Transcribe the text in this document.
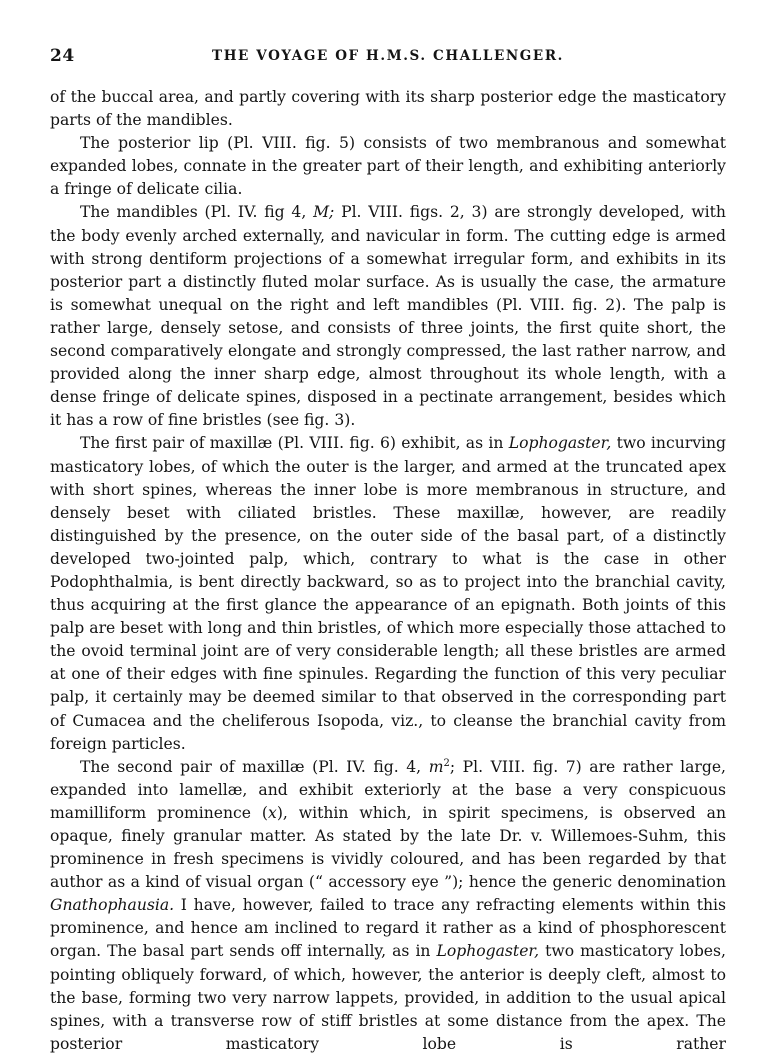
24	THE VOYAGE OF H.M.S. CHALLENGER.

of the buccal area, and partly covering with its sharp posterior edge the masticatory parts of the mandibles.

The posterior lip (Pl. VIII. fig. 5) consists of two membranous and somewhat expanded lobes, connate in the greater part of their length, and exhibiting anteriorly a fringe of delicate cilia.

The mandibles (Pl. IV. fig 4, M; Pl. VIII. figs. 2, 3) are strongly developed, with the body evenly arched externally, and navicular in form. The cutting edge is armed with strong dentiform projections of a somewhat irregular form, and exhibits in its posterior part a distinctly fluted molar surface. As is usually the case, the armature is somewhat unequal on the right and left mandibles (Pl. VIII. fig. 2). The palp is rather large, densely setose, and consists of three joints, the first quite short, the second comparatively elongate and strongly compressed, the last rather narrow, and provided along the inner sharp edge, almost throughout its whole length, with a dense fringe of delicate spines, disposed in a pectinate arrangement, besides which it has a row of fine bristles (see fig. 3).

The first pair of maxillæ (Pl. VIII. fig. 6) exhibit, as in Lophogaster, two incurving masticatory lobes, of which the outer is the larger, and armed at the truncated apex with short spines, whereas the inner lobe is more membranous in structure, and densely beset with ciliated bristles. These maxillæ, however, are readily distinguished by the presence, on the outer side of the basal part, of a distinctly developed two-jointed palp, which, contrary to what is the case in other Podophthalmia, is bent directly backward, so as to project into the branchial cavity, thus acquiring at the first glance the appearance of an epignath. Both joints of this palp are beset with long and thin bristles, of which more especially those attached to the ovoid terminal joint are of very considerable length; all these bristles are armed at one of their edges with fine spinules. Regarding the function of this very peculiar palp, it certainly may be deemed similar to that observed in the corresponding part of Cumacea and the cheliferous Isopoda, viz., to cleanse the branchial cavity from foreign particles.

The second pair of maxillæ (Pl. IV. fig. 4, $m^2$; Pl. VIII. fig. 7) are rather large, expanded into lamellæ, and exhibit exteriorly at the base a very conspicuous mamilliform prominence (x), within which, in spirit specimens, is observed an opaque, finely granular matter. As stated by the late Dr. v. Willemoes-Suhm, this prominence in fresh specimens is vividly coloured, and has been regarded by that author as a kind of visual organ (“ accessory eye ”); hence the generic denomination Gnathophausia. I have, however, failed to trace any refracting elements within this prominence, and hence am inclined to regard it rather as a kind of phosphorescent organ. The basal part sends off internally, as in Lophogaster, two masticatory lobes, pointing obliquely forward, of which, however, the anterior is deeply cleft, almost to the base, forming two very narrow lappets, provided, in addition to the usual apical spines, with a transverse row of stiff bristles at some distance from the apex. The posterior masticatory lobe is rather
